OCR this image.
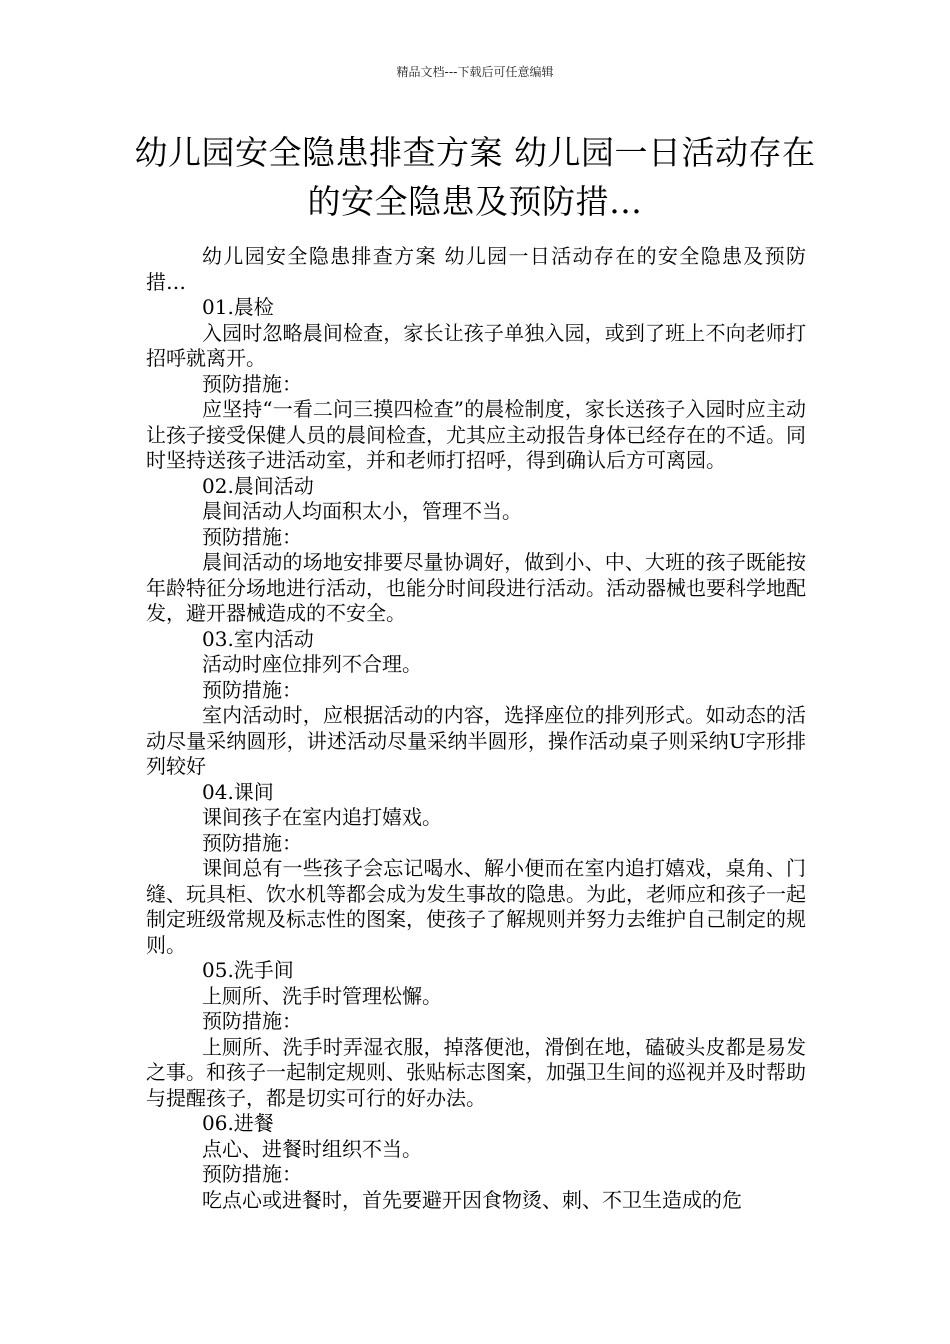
精品文档---下载后可任意编辑
幼儿园安全隐患排查方案 幼儿园一日活动存在的安全隐患及预防措…

幼儿园安全隐患排查方案 幼儿园一日活动存在的安全隐患及预防措…

01.晨检

入园时忽略晨间检查，家长让孩子单独入园，或到了班上不向老师打招呼就离开。

预防措施：

应坚持“一看二问三摸四检查”的晨检制度，家长送孩子入园时应主动让孩子接受保健人员的晨间检查，尤其应主动报告身体已经存在的不适。同时坚持送孩子进活动室，并和老师打招呼，得到确认后方可离园。

02.晨间活动

晨间活动人均面积太小，管理不当。

预防措施：

晨间活动的场地安排要尽量协调好，做到小、中、大班的孩子既能按年龄特征分场地进行活动，也能分时间段进行活动。活动器械也要科学地配发，避开器械造成的不安全。

03.室内活动

活动时座位排列不合理。

预防措施：

室内活动时，应根据活动的内容，选择座位的排列形式。如动态的活动尽量采纳圆形，讲述活动尽量采纳半圆形，操作活动桌子则采纳U字形排列较好

04.课间

课间孩子在室内追打嬉戏。

预防措施：

课间总有一些孩子会忘记喝水、解小便而在室内追打嬉戏，桌角、门缝、玩具柜、饮水机等都会成为发生事故的隐患。为此，老师应和孩子一起制定班级常规及标志性的图案，使孩子了解规则并努力去维护自己制定的规则。

05.洗手间

上厕所、洗手时管理松懈。

预防措施：

上厕所、洗手时弄湿衣服，掉落便池，滑倒在地，磕破头皮都是易发之事。和孩子一起制定规则、张贴标志图案，加强卫生间的巡视并及时帮助与提醒孩子，都是切实可行的好办法。

06.进餐

点心、进餐时组织不当。

预防措施：

吃点心或进餐时，首先要避开因食物烫、刺、不卫生造成的危
